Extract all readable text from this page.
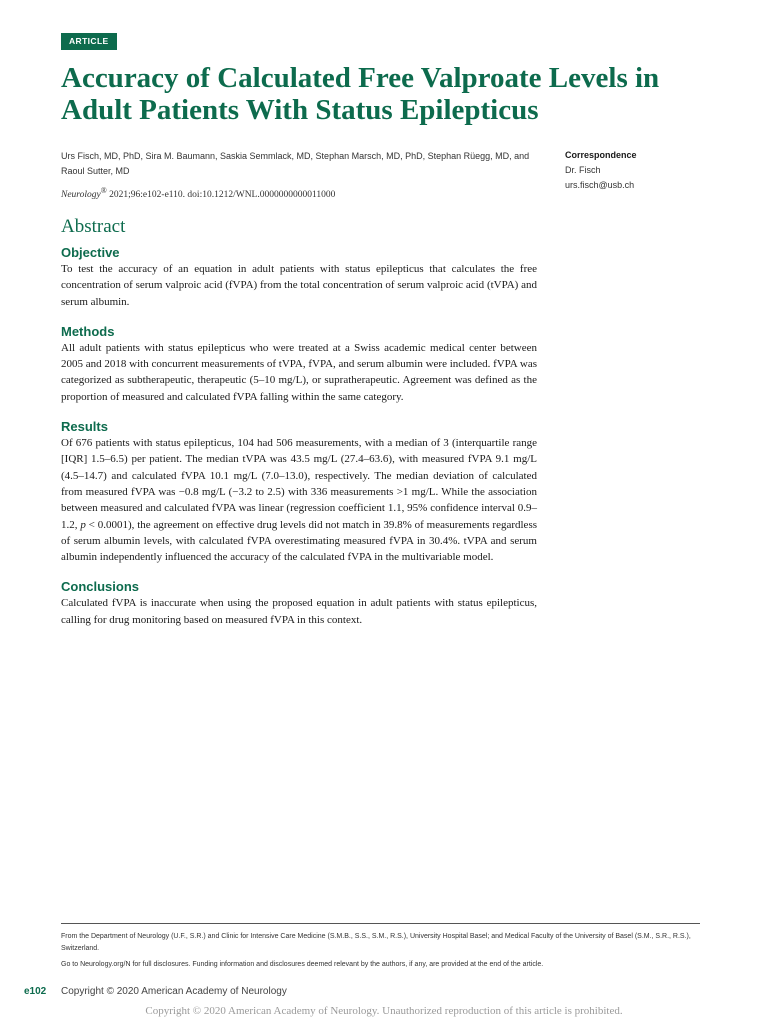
ARTICLE
Accuracy of Calculated Free Valproate Levels in Adult Patients With Status Epilepticus
Urs Fisch, MD, PhD, Sira M. Baumann, Saskia Semmlack, MD, Stephan Marsch, MD, PhD, Stephan Rüegg, MD, and Raoul Sutter, MD
Neurology® 2021;96:e102-e110. doi:10.1212/WNL.0000000000011000
Correspondence
Dr. Fisch
urs.fisch@usb.ch
Abstract
Objective

To test the accuracy of an equation in adult patients with status epilepticus that calculates the free concentration of serum valproic acid (fVPA) from the total concentration of serum valproic acid (tVPA) and serum albumin.

Methods

All adult patients with status epilepticus who were treated at a Swiss academic medical center between 2005 and 2018 with concurrent measurements of tVPA, fVPA, and serum albumin were included. fVPA was categorized as subtherapeutic, therapeutic (5–10 mg/L), or supratherapeutic. Agreement was defined as the proportion of measured and calculated fVPA falling within the same category.

Results

Of 676 patients with status epilepticus, 104 had 506 measurements, with a median of 3 (interquartile range [IQR] 1.5–6.5) per patient. The median tVPA was 43.5 mg/L (27.4–63.6), with measured fVPA 9.1 mg/L (4.5–14.7) and calculated fVPA 10.1 mg/L (7.0–13.0), respectively. The median deviation of calculated from measured fVPA was −0.8 mg/L (−3.2 to 2.5) with 336 measurements >1 mg/L. While the association between measured and calculated fVPA was linear (regression coefficient 1.1, 95% confidence interval 0.9–1.2, p < 0.0001), the agreement on effective drug levels did not match in 39.8% of measurements regardless of serum albumin levels, with calculated fVPA overestimating measured fVPA in 30.4%. tVPA and serum albumin independently influenced the accuracy of the calculated fVPA in the multivariable model.

Conclusions

Calculated fVPA is inaccurate when using the proposed equation in adult patients with status epilepticus, calling for drug monitoring based on measured fVPA in this context.

From the Department of Neurology (U.F., S.R.) and Clinic for Intensive Care Medicine (S.M.B., S.S., S.M., R.S.), University Hospital Basel; and Medical Faculty of the University of Basel (S.M., S.R., R.S.), Switzerland.

Go to Neurology.org/N for full disclosures. Funding information and disclosures deemed relevant by the authors, if any, are provided at the end of the article.

e102 Copyright © 2020 American Academy of Neurology
Copyright © 2020 American Academy of Neurology. Unauthorized reproduction of this article is prohibited.
